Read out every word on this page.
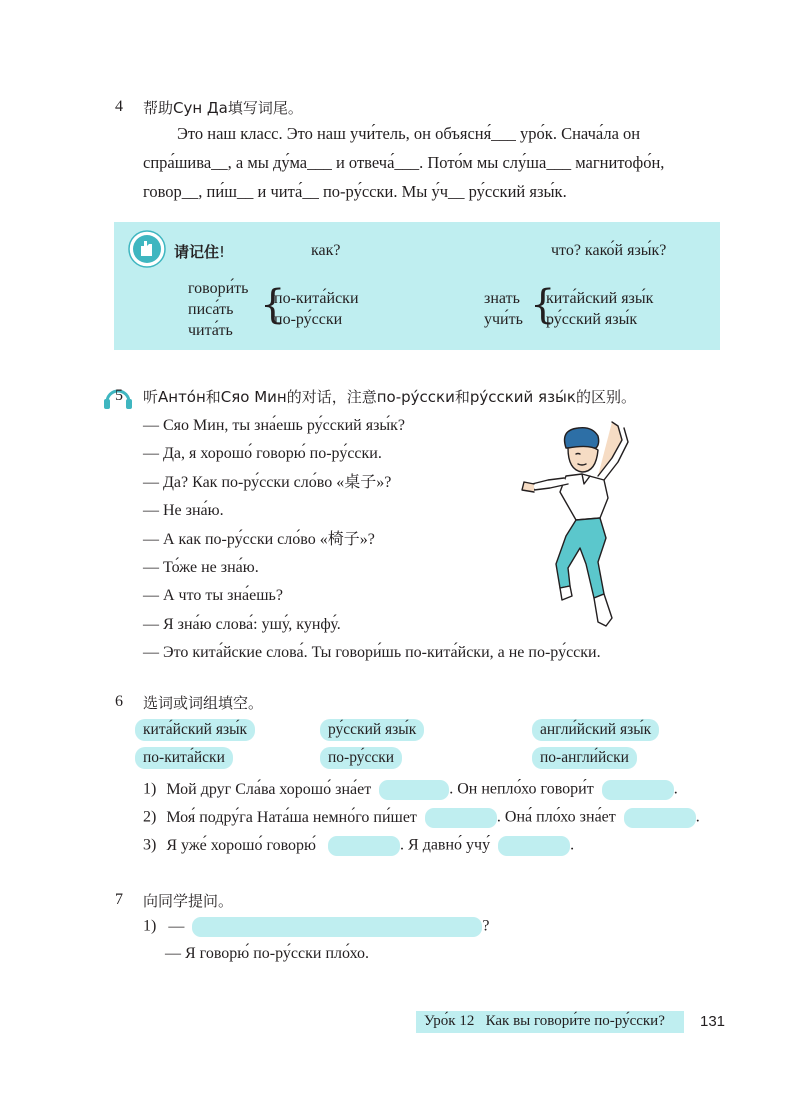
4 帮助Сун Да填写词尾。
Это наш класс. Это наш учи́тель, он объясня́___ уро́к. Снача́ла он
спра́шива__, а мы ду́ма___ и отвеча́___. Пото́м мы слу́ша___ магнитофо́н,
говор__, пи́ш__ и чита́__ по-ру́сски. Мы у́ч__ ру́сский язы́к.
请记住!	как?	что? како́й язы́к?
говори́ть
писа́ть
чита́ть
{
по-кита́йски
по-ру́сски
знать
учи́ть {
кита́йский язы́к
ру́сский язы́к
5 听Анто́н和Сяо Мин的对话，注意по-ру́сски和ру́сский язы́к的区别。
— Сяо Мин, ты зна́ешь ру́сский язы́к?
— Да, я хорошо́ говорю́ по-ру́сски.
— Да? Как по-ру́сски сло́во «桌子»?
— Не зна́ю.
— А как по-ру́сски сло́во «椅子»?
— То́же не зна́ю.
— А что ты зна́ешь?
— Я зна́ю слова́: ушу́, кунфу́.
— Это кита́йские слова́. Ты говори́шь по-кита́йски, а не по-ру́сски.
6 选词或词组填空。
кита́йский язы́к	ру́сский язы́к	англи́йский язы́к
по-кита́йски	по-ру́сски	по-англи́йски
1) Мой друг Сла́ва хорошо́ зна́ет	. Он непло́хо говори́т	.
2) Моя́ подру́га Ната́ша немно́го пи́шет	. Она́ пло́хо зна́ет	.
3) Я уже́ хорошо́ говорю́	. Я давно́ учу́	.
7 向同学提问。
1) —	?
— Я говорю́ по-ру́сски пло́хо.
Уро́к 12   Как вы говори́те по-ру́сски? 131
